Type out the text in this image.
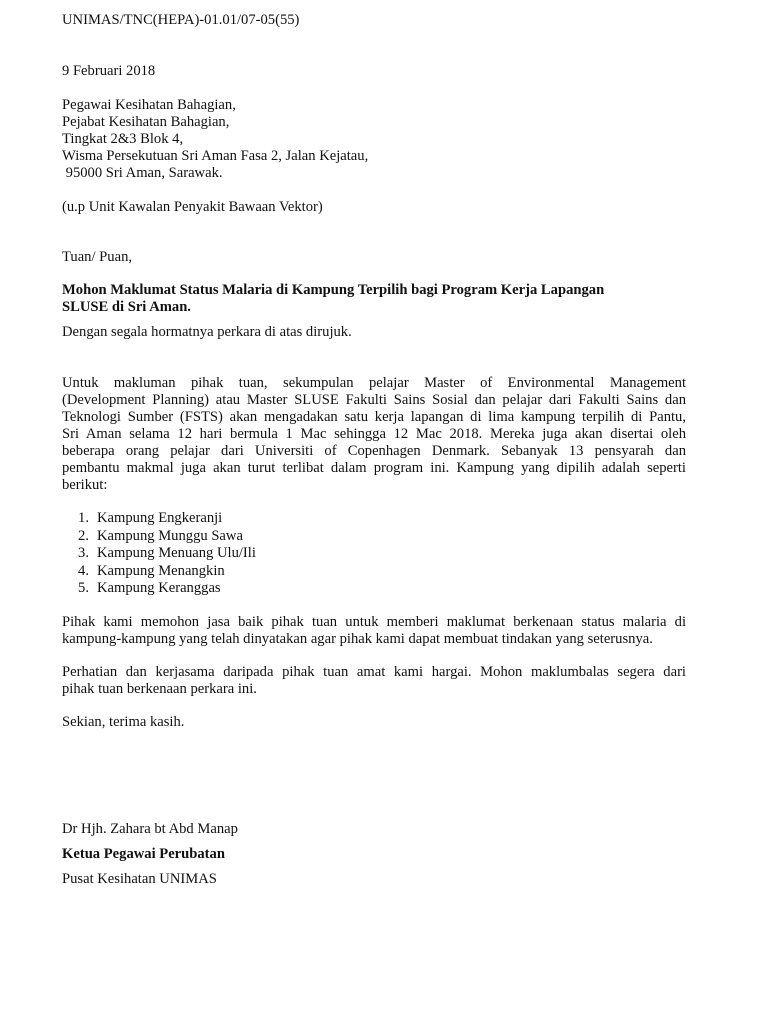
UNIMAS/TNC(HEPA)-01.01/07-05(55)
9 Februari 2018
Pegawai Kesihatan Bahagian,
Pejabat Kesihatan Bahagian,
Tingkat 2&3 Blok 4,
Wisma Persekutuan Sri Aman Fasa 2, Jalan Kejatau,
95000 Sri Aman, Sarawak.
(u.p Unit Kawalan Penyakit Bawaan Vektor)
Tuan/ Puan,
Mohon Maklumat Status Malaria di Kampung Terpilih bagi Program Kerja Lapangan
SLUSE di Sri Aman.
Dengan segala hormatnya perkara di atas dirujuk.
Untuk makluman pihak tuan, sekumpulan pelajar Master of Environmental Management
(Development Planning) atau Master SLUSE Fakulti Sains Sosial dan pelajar dari Fakulti Sains dan
Teknologi Sumber (FSTS) akan mengadakan satu kerja lapangan di lima kampung terpilih di Pantu,
Sri Aman selama 12 hari bermula 1 Mac sehingga 12 Mac 2018. Mereka juga akan disertai oleh
beberapa orang pelajar dari Universiti of Copenhagen Denmark. Sebanyak 13 pensyarah dan
pembantu makmal juga akan turut terlibat dalam program ini. Kampung yang dipilih adalah seperti
berikut:
1. Kampung Engkeranji
2. Kampung Munggu Sawa
3. Kampung Menuang Ulu/Ili
4. Kampung Menangkin
5. Kampung Keranggas
Pihak kami memohon jasa baik pihak tuan untuk memberi maklumat berkenaan status malaria di
kampung-kampung yang telah dinyatakan agar pihak kami dapat membuat tindakan yang seterusnya.
Perhatian dan kerjasama daripada pihak tuan amat kami hargai. Mohon maklumbalas segera dari
pihak tuan berkenaan perkara ini.
Sekian, terima kasih.
Dr Hjh. Zahara bt Abd Manap
Ketua Pegawai Perubatan
Pusat Kesihatan UNIMAS
